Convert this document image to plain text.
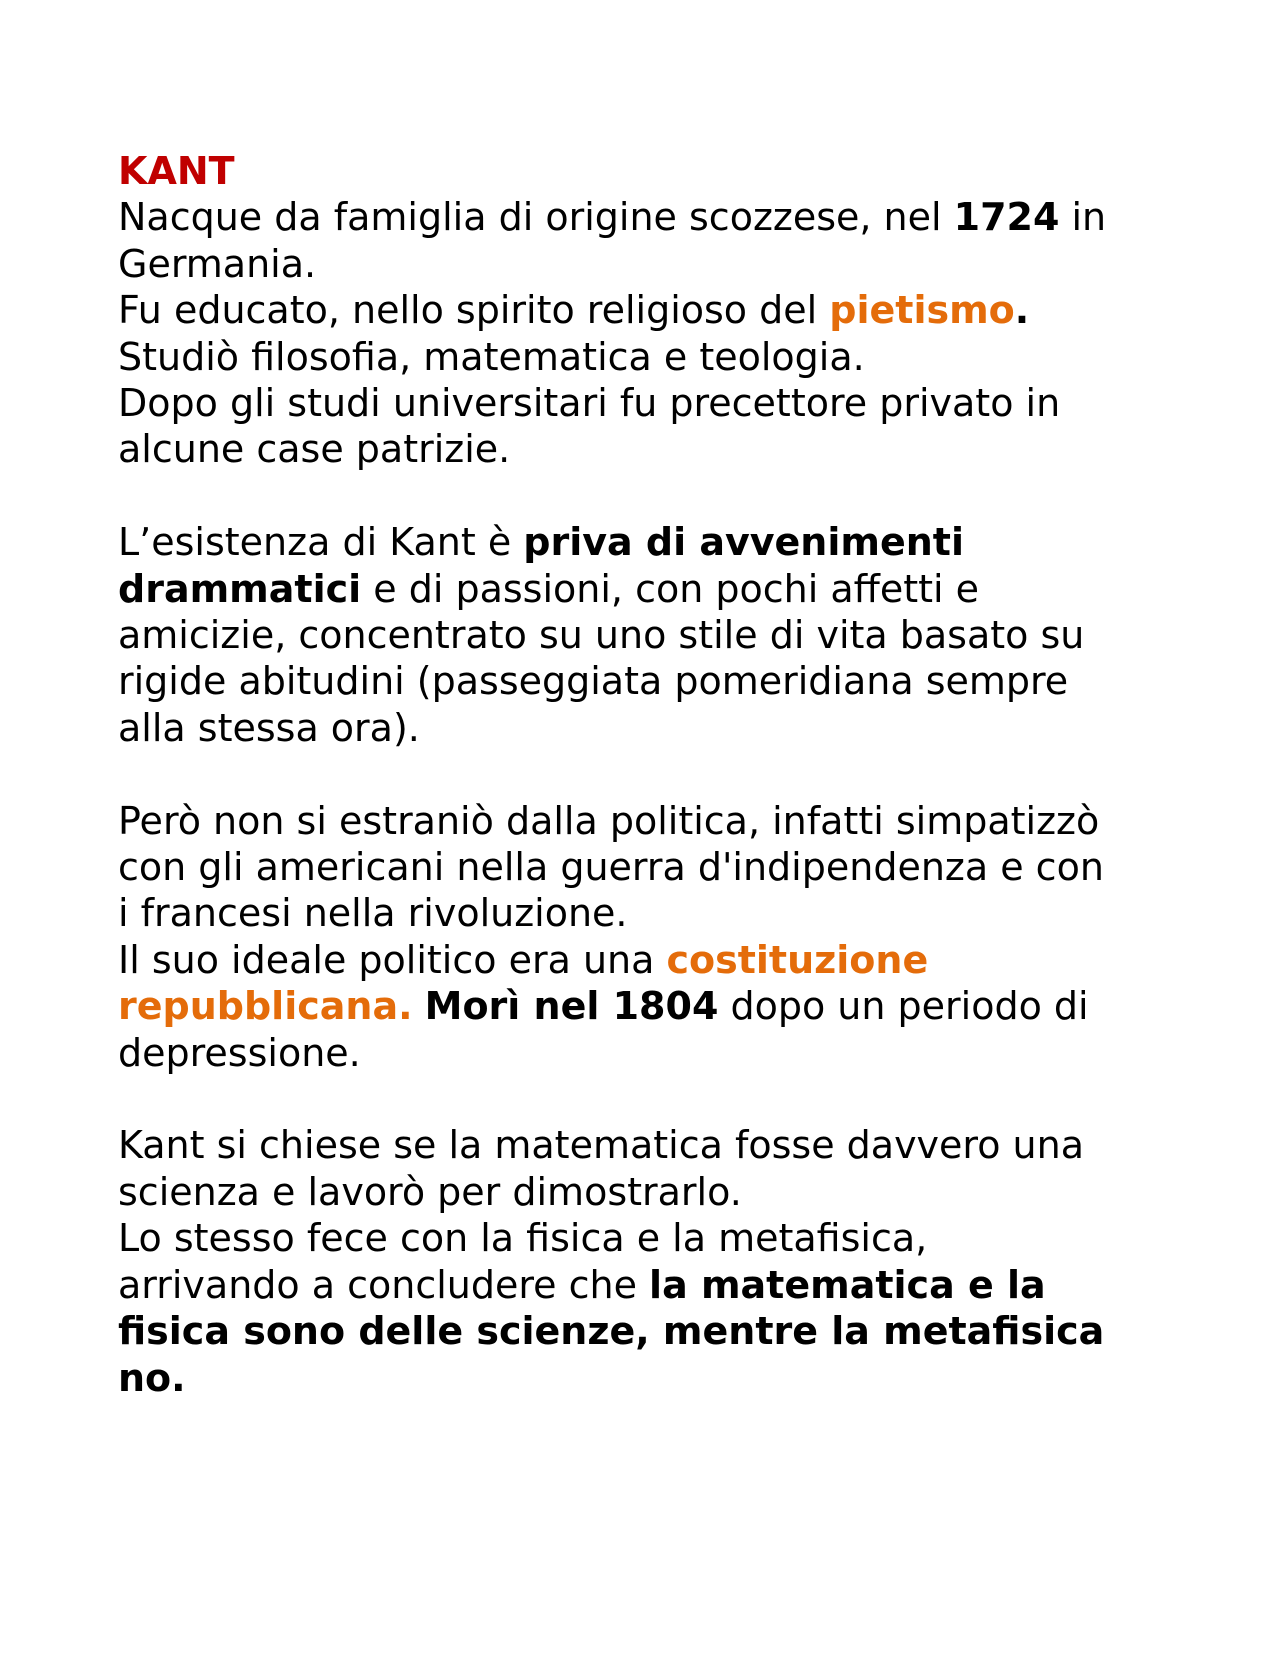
KANT
Nacque da famiglia di origine scozzese, nel 1724 in
Germania.
Fu educato, nello spirito religioso del pietismo.
Studiò filosofia, matematica e teologia.
Dopo gli studi universitari fu precettore privato in
alcune case patrizie.
L’esistenza di Kant è priva di avvenimenti
drammatici e di passioni, con pochi affetti e
amicizie, concentrato su uno stile di vita basato su
rigide abitudini (passeggiata pomeridiana sempre
alla stessa ora).
Però non si estraniò dalla politica, infatti simpatizzò
con gli americani nella guerra d'indipendenza e con
i francesi nella rivoluzione.
Il suo ideale politico era una costituzione
repubblicana. Morì nel 1804 dopo un periodo di
depressione.
Kant si chiese se la matematica fosse davvero una
scienza e lavorò per dimostrarlo.
Lo stesso fece con la fisica e la metafisica,
arrivando a concludere che la matematica e la
fisica sono delle scienze, mentre la metafisica
no.
